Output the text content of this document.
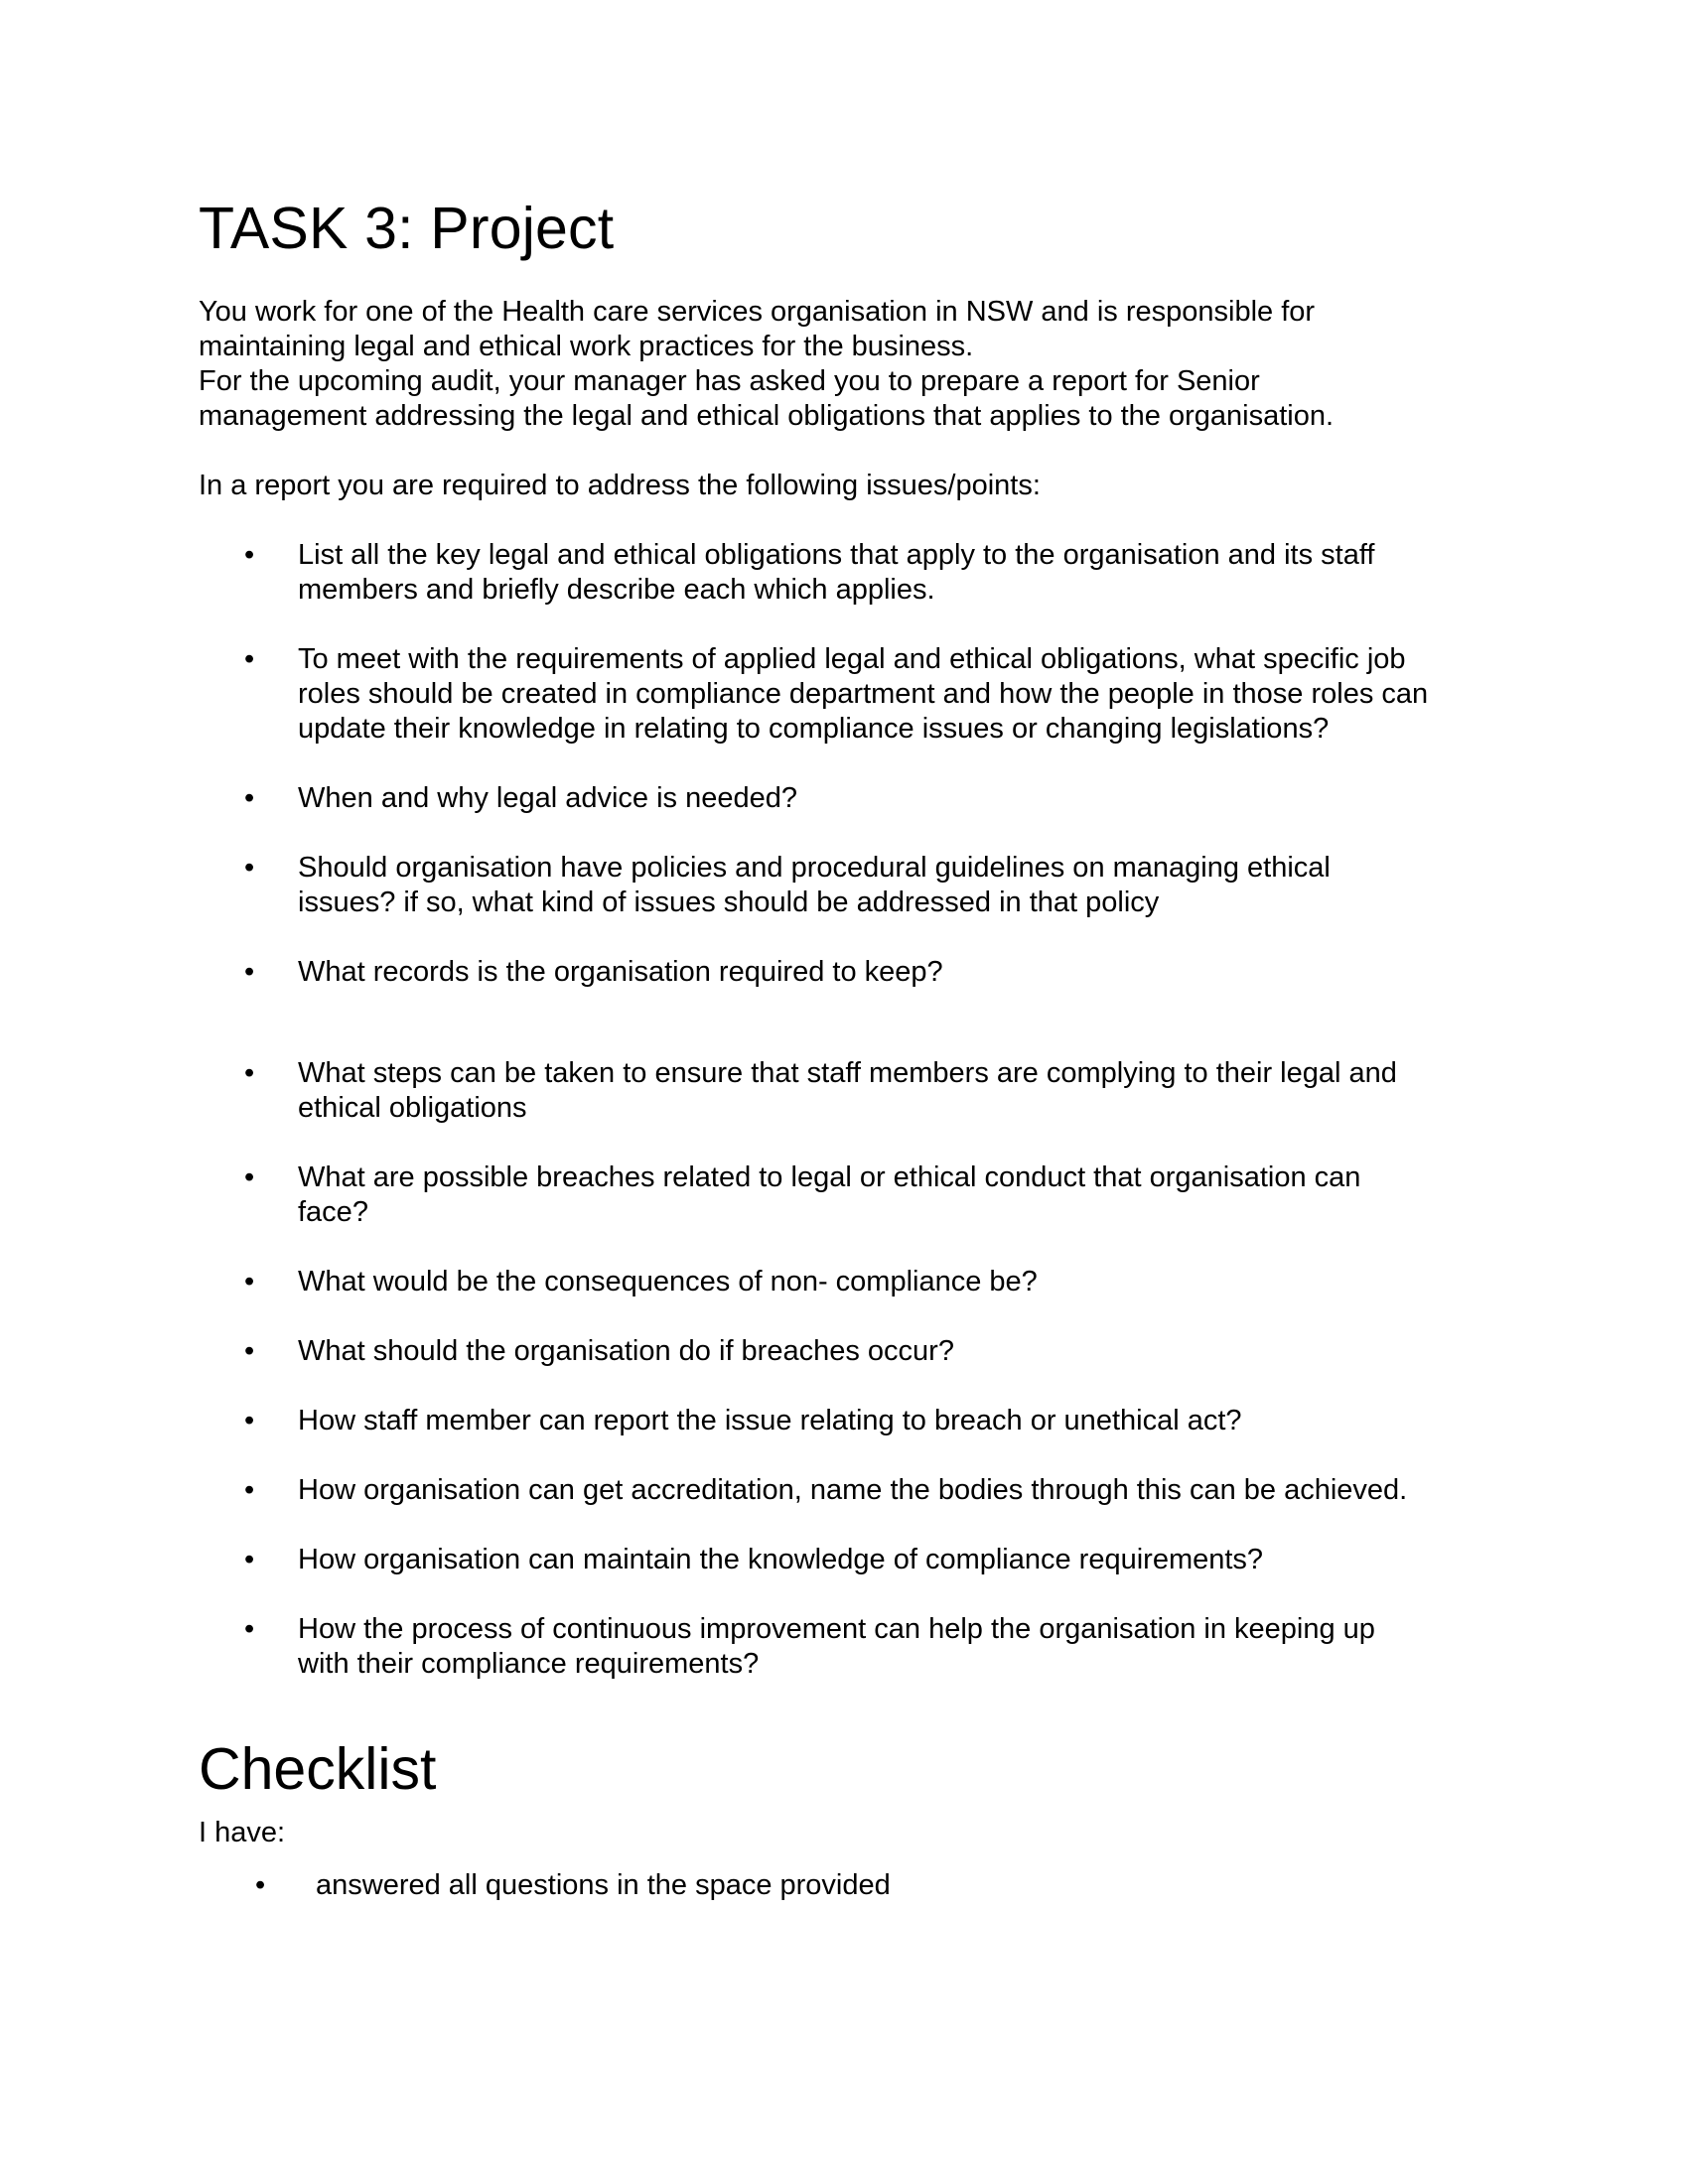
TASK 3: Project

You work for one of the Health care services organisation in NSW and is responsible for
maintaining legal and ethical work practices for the business.
For the upcoming audit, your manager has asked you to prepare a report for Senior
management addressing the legal and ethical obligations that applies to the organisation.

In a report you are required to address the following issues/points:

• List all the key legal and ethical obligations that apply to the organisation and its staff
members and briefly describe each which applies.
• To meet with the requirements of applied legal and ethical obligations, what specific job
roles should be created in compliance department and how the people in those roles can
update their knowledge in relating to compliance issues or changing legislations?
• When and why legal advice is needed?
• Should organisation have policies and procedural guidelines on managing ethical
issues? if so, what kind of issues should be addressed in that policy
• What records is the organisation required to keep?
• What steps can be taken to ensure that staff members are complying to their legal and
ethical obligations
• What are possible breaches related to legal or ethical conduct that organisation can
face?
• What would be the consequences of non- compliance be?
• What should the organisation do if breaches occur?
• How staff member can report the issue relating to breach or unethical act?
• How organisation can get accreditation, name the bodies through this can be achieved.
• How organisation can maintain the knowledge of compliance requirements?
• How the process of continuous improvement can help the organisation in keeping up
with their compliance requirements?
Checklist

I have:

• answered all questions in the space provided
